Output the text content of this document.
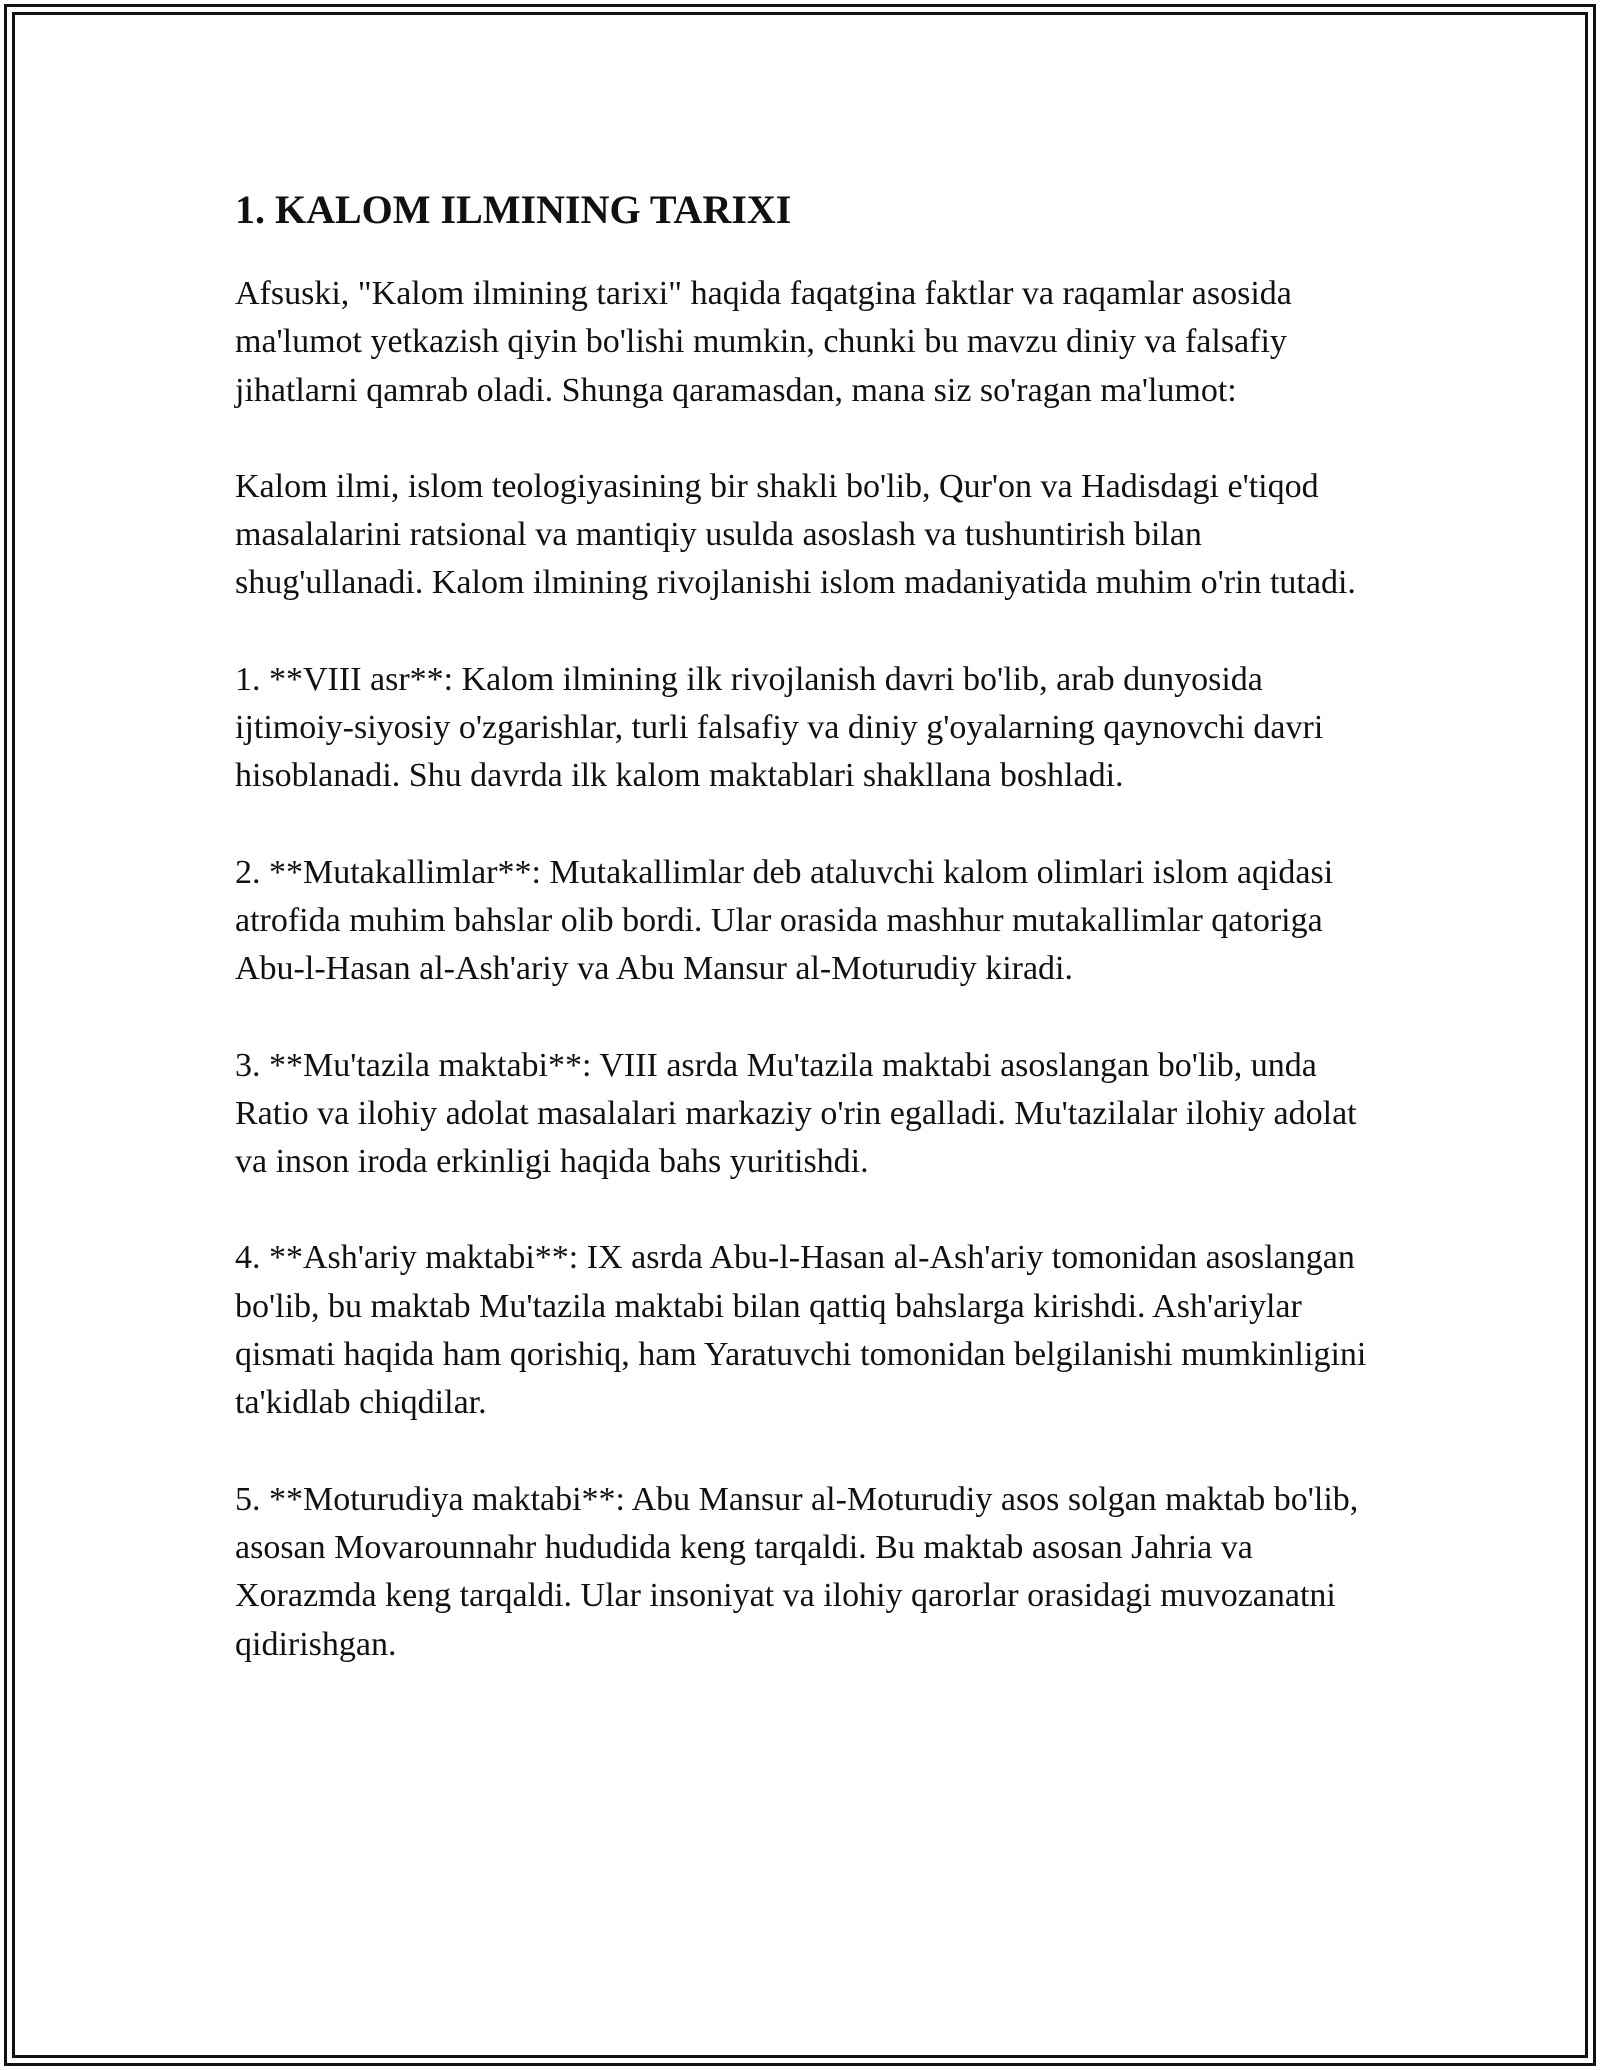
1. KALOM ILMINING TARIXI

Afsuski, "Kalom ilmining tarixi" haqida faqatgina faktlar va raqamlar asosida ma'lumot yetkazish qiyin bo'lishi mumkin, chunki bu mavzu diniy va falsafiy jihatlarni qamrab oladi. Shunga qaramasdan, mana siz so'ragan ma'lumot:

Kalom ilmi, islom teologiyasining bir shakli bo'lib, Qur'on va Hadisdagi e'tiqod masalalarini ratsional va mantiqiy usulda asoslash va tushuntirish bilan shug'ullanadi. Kalom ilmining rivojlanishi islom madaniyatida muhim o'rin tutadi.

1. **VIII asr**: Kalom ilmining ilk rivojlanish davri bo'lib, arab dunyosida ijtimoiy-siyosiy o'zgarishlar, turli falsafiy va diniy g'oyalarning qaynovchi davri hisoblanadi. Shu davrda ilk kalom maktablari shakllana boshladi.

2. **Mutakallimlar**: Mutakallimlar deb ataluvchi kalom olimlari islom aqidasi atrofida muhim bahslar olib bordi. Ular orasida mashhur mutakallimlar qatoriga Abu-l-Hasan al-Ash'ariy va Abu Mansur al-Moturudiy kiradi.

3. **Mu'tazila maktabi**: VIII asrda Mu'tazila maktabi asoslangan bo'lib, unda Ratio va ilohiy adolat masalalari markaziy o'rin egalladi. Mu'tazilalar ilohiy adolat va inson iroda erkinligi haqida bahs yuritishdi.

4. **Ash'ariy maktabi**: IX asrda Abu-l-Hasan al-Ash'ariy tomonidan asoslangan bo'lib, bu maktab Mu'tazila maktabi bilan qattiq bahslarga kirishdi. Ash'ariylar qismati haqida ham qorishiq, ham Yaratuvchi tomonidan belgilanishi mumkinligini ta'kidlab chiqdilar.

5. **Moturudiya maktabi**: Abu Mansur al-Moturudiy asos solgan maktab bo'lib, asosan Movarounnahr hududida keng tarqaldi. Bu maktab asosan Jahria va Xorazmda keng tarqaldi. Ular insoniyat va ilohiy qarorlar orasidagi muvozanatni qidirishgan.
